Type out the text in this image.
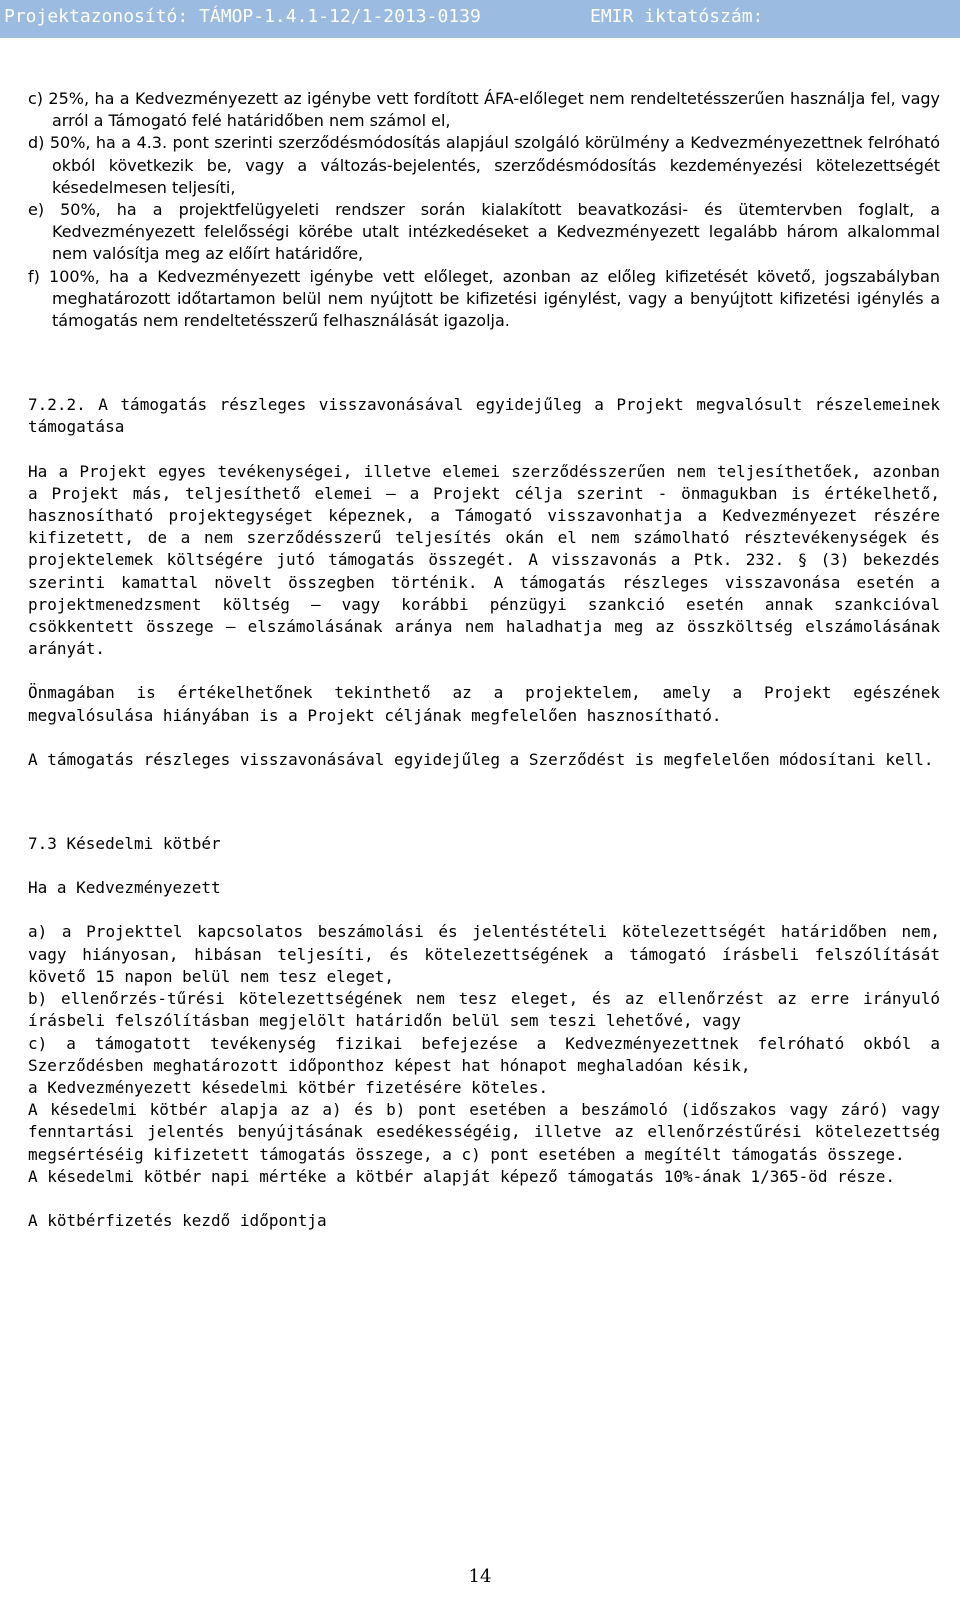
Projektazonosító: TÁMOP-1.4.1-12/1-2013-0139	EMIR iktatószám:

c) 25%, ha a Kedvezményezett az igénybe vett fordított ÁFA-előleget nem rendeltetésszerűen használja fel, vagy arról a Támogató felé határidőben nem számol el,

d) 50%, ha a 4.3. pont szerinti szerződésmódosítás alapjául szolgáló körülmény a Kedvezményezettnek felróható okból következik be, vagy a változás-bejelentés, szerződésmódosítás kezdeményezési kötelezettségét késedelmesen teljesíti,

e) 50%, ha a projektfelügyeleti rendszer során kialakított beavatkozási- és ütemtervben foglalt, a Kedvezményezett felelősségi körébe utalt intézkedéseket a Kedvezményezett legalább három alkalommal nem valósítja meg az előírt határidőre,

f) 100%, ha a Kedvezményezett igénybe vett előleget, azonban az előleg kifizetését követő, jogszabályban meghatározott időtartamon belül nem nyújtott be kifizetési igénylést, vagy a benyújtott kifizetési igénylés a támogatás nem rendeltetésszerű felhasználását igazolja.

7.2.2. A támogatás részleges visszavonásával egyidejűleg a Projekt megvalósult részelemeinek támogatása

Ha a Projekt egyes tevékenységei, illetve elemei szerződésszerűen nem teljesíthetőek, azonban a Projekt más, teljesíthető elemei – a Projekt célja szerint - önmagukban is értékelhető, hasznosítható projektegységet képeznek, a Támogató visszavonhatja a Kedvezményezet részére kifizetett, de a nem szerződésszerű teljesítés okán el nem számolható résztevékenységek és projektelemek költségére jutó támogatás összegét. A visszavonás a Ptk. 232. § (3) bekezdés szerinti kamattal növelt összegben történik. A támogatás részleges visszavonása esetén a projektmenedzsment költség – vagy korábbi pénzügyi szankció esetén annak szankcióval csökkentett összege – elszámolásának aránya nem haladhatja meg az összköltség elszámolásának arányát.

Önmagában is értékelhetőnek tekinthető az a projektelem, amely a Projekt egészének megvalósulása hiányában is a Projekt céljának megfelelően hasznosítható.

A támogatás részleges visszavonásával egyidejűleg a Szerződést is megfelelően módosítani kell.

7.3 Késedelmi kötbér

Ha a Kedvezményezett

a) a Projekttel kapcsolatos beszámolási és jelentéstételi kötelezettségét határidőben nem, vagy hiányosan, hibásan teljesíti, és kötelezettségének a támogató írásbeli felszólítását követő 15 napon belül nem tesz eleget,

b) ellenőrzés-tűrési kötelezettségének nem tesz eleget, és az ellenőrzést az erre irányuló írásbeli felszólításban megjelölt határidőn belül sem teszi lehetővé, vagy

c) a támogatott tevékenység fizikai befejezése a Kedvezményezettnek felróható okból a Szerződésben meghatározott időponthoz képest hat hónapot meghaladóan késik,

a Kedvezményezett késedelmi kötbér fizetésére köteles.

A késedelmi kötbér alapja az a) és b) pont esetében a beszámoló (időszakos vagy záró) vagy fenntartási jelentés benyújtásának esedékességéig, illetve az ellenőrzéstűrési kötelezettség megsértéséig kifizetett támogatás összege, a c) pont esetében a megítélt támogatás összege.

A késedelmi kötbér napi mértéke a kötbér alapját képező támogatás 10%-ának 1/365-öd része.

A kötbérfizetés kezdő időpontja

14
